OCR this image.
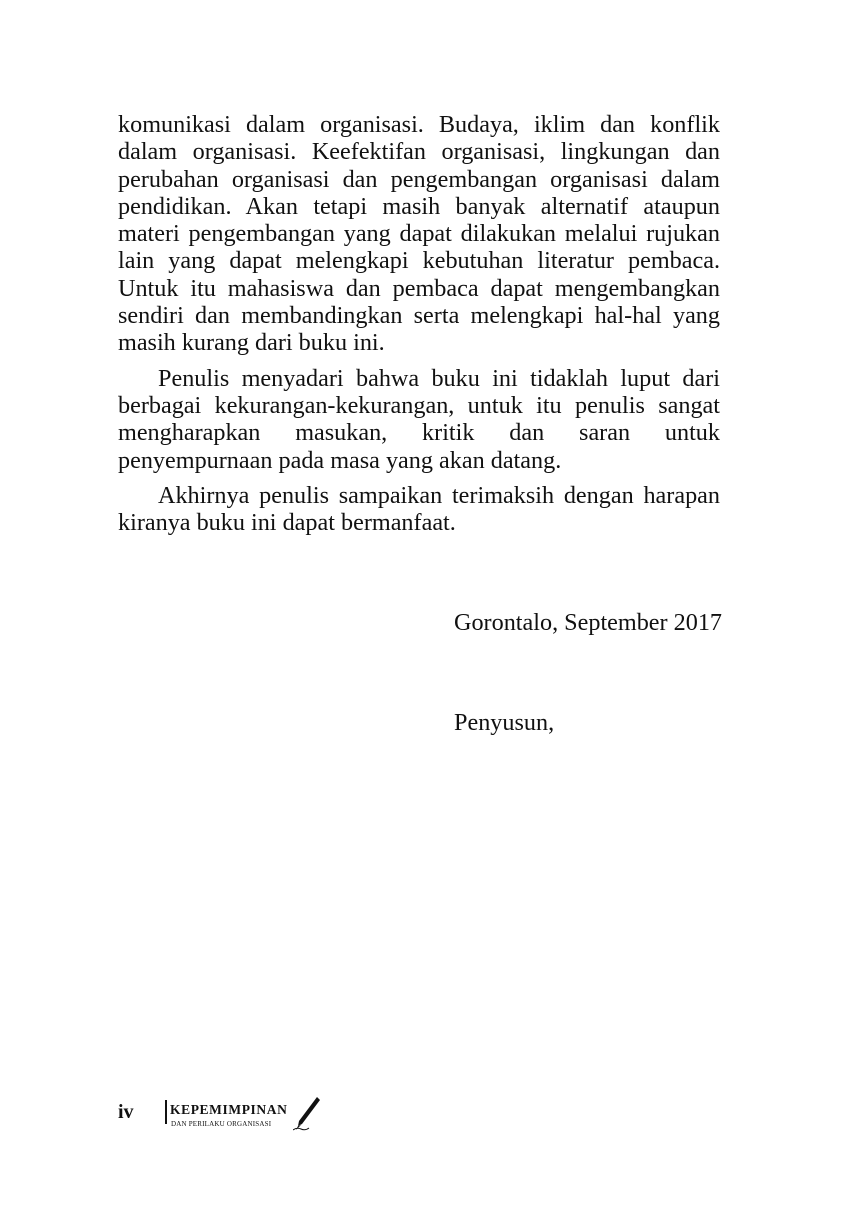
komunikasi dalam organisasi. Budaya, iklim dan konflik dalam organisasi. Keefektifan organisasi, lingkungan dan perubahan organisasi dan pengembangan organisasi dalam pendidikan. Akan tetapi masih banyak alternatif ataupun materi pengembangan yang dapat dilakukan melalui rujukan lain yang dapat melengkapi kebutuhan literatur pembaca. Untuk itu mahasiswa dan pembaca dapat mengembangkan sendiri dan membandingkan serta melengkapi hal-hal yang masih kurang dari buku ini.

Penulis menyadari bahwa buku ini tidaklah luput dari berbagai kekurangan-kekurangan, untuk itu penulis sangat mengharapkan masukan, kritik dan saran untuk penyempurnaan pada masa yang akan datang.

Akhirnya penulis sampaikan terimaksih dengan harapan kiranya buku ini dapat bermanfaat.

Gorontalo, September 2017
Penyusun,
iv	KEPEMIMPINAN
DAN PERILAKU ORGANISASI
